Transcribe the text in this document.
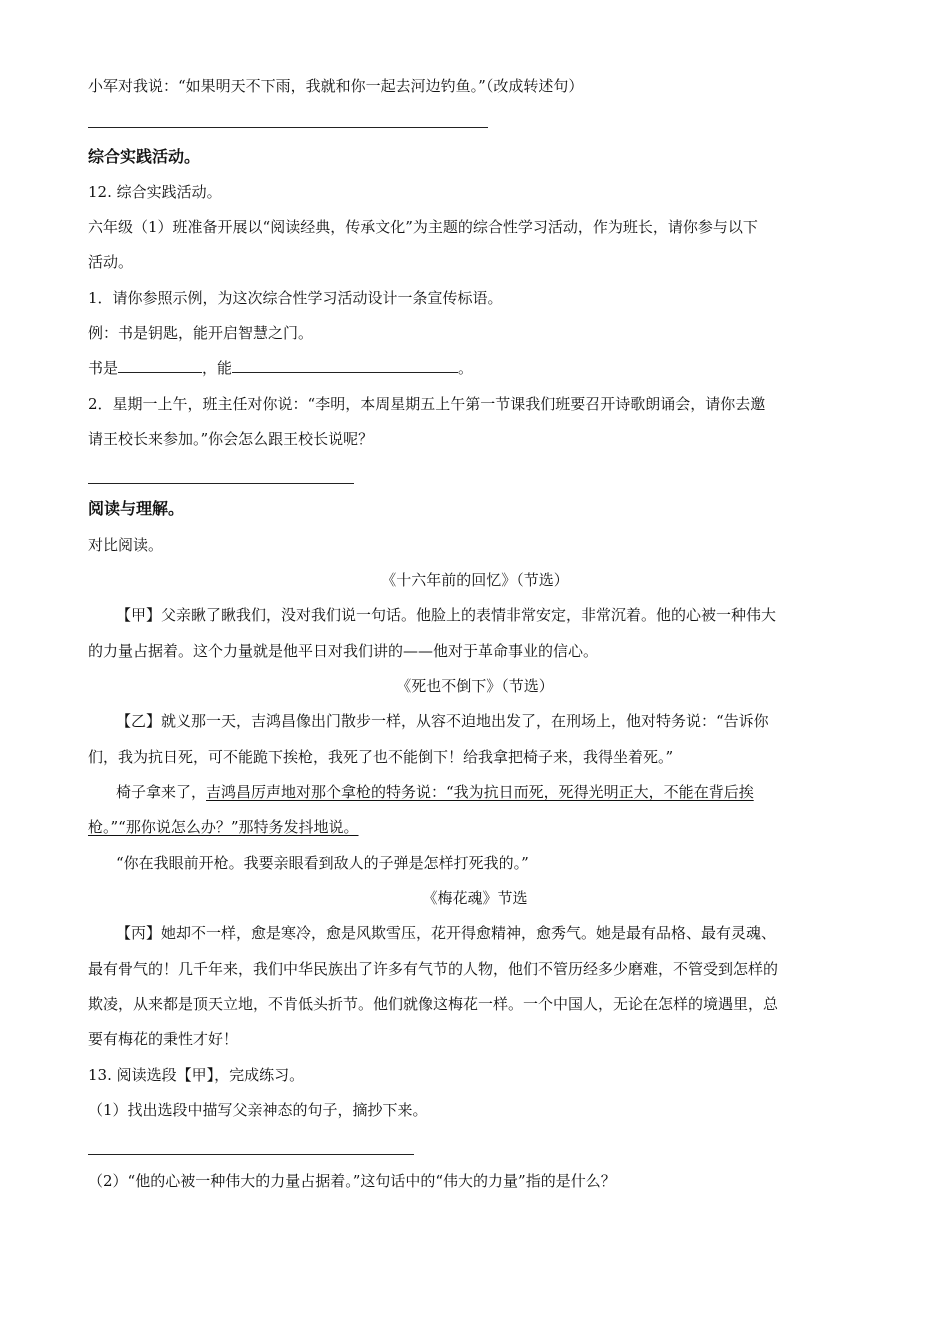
小军对我说：“如果明天不下雨，我就和你一起去河边钓鱼。”（改成转述句）
综合实践活动。
12. 综合实践活动。
六年级（1）班准备开展以“阅读经典，传承文化”为主题的综合性学习活动，作为班长，请你参与以下
活动。
1．请你参照示例，为这次综合性学习活动设计一条宣传标语。
例：书是钥匙，能开启智慧之门。
书是	，能	。
2．星期一上午，班主任对你说：“李明，本周星期五上午第一节课我们班要召开诗歌朗诵会，请你去邀
请王校长来参加。”你会怎么跟王校长说呢？
阅读与理解。
对比阅读。
《十六年前的回忆》（节选）
【甲】父亲瞅了瞅我们，没对我们说一句话。他脸上的表情非常安定，非常沉着。他的心被一种伟大
的力量占据着。这个力量就是他平日对我们讲的——他对于革命事业的信心。
《死也不倒下》（节选）
【乙】就义那一天，吉鸿昌像出门散步一样，从容不迫地出发了，在刑场上，他对特务说：“告诉你
们，我为抗日死，可不能跪下挨枪，我死了也不能倒下！给我拿把椅子来，我得坐着死。”
椅子拿来了，吉鸿昌厉声地对那个拿枪的特务说：“我为抗日而死，死得光明正大，不能在背后挨
枪。”“那你说怎么办？”那特务发抖地说。
“你在我眼前开枪。我要亲眼看到敌人的子弹是怎样打死我的。”
《梅花魂》节选
【丙】她却不一样，愈是寒冷，愈是风欺雪压，花开得愈精神，愈秀气。她是最有品格、最有灵魂、
最有骨气的！几千年来，我们中华民族出了许多有气节的人物，他们不管历经多少磨难，不管受到怎样的
欺凌，从来都是顶天立地，不肯低头折节。他们就像这梅花一样。一个中国人，无论在怎样的境遇里，总
要有梅花的秉性才好！
13. 阅读选段【甲】，完成练习。
（1）找出选段中描写父亲神态的句子，摘抄下来。
（2）“他的心被一种伟大的力量占据着。”这句话中的“伟大的力量”指的是什么？
